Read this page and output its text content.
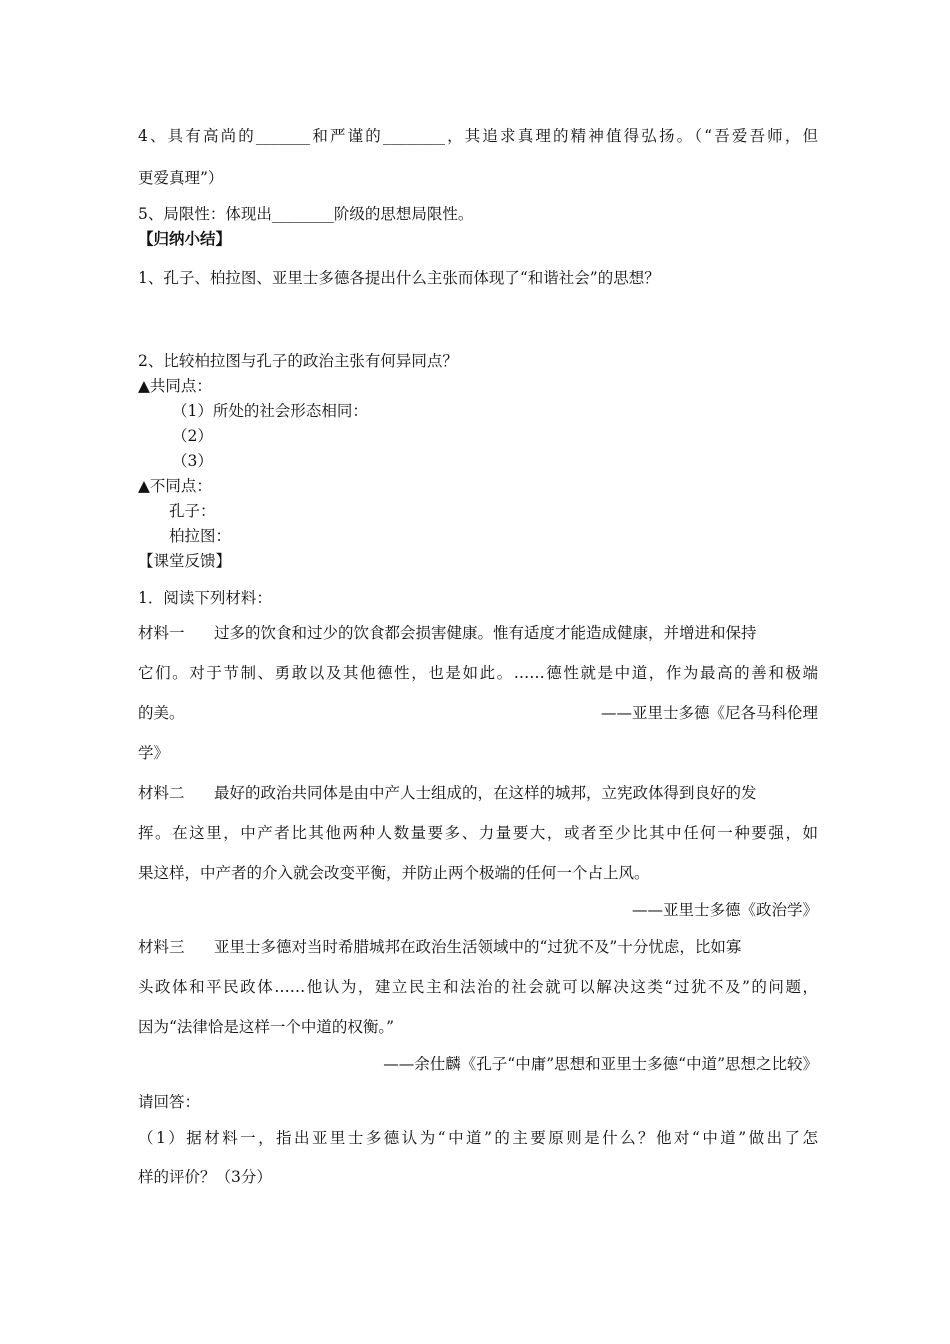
4、具有高尚的_______和严谨的________，其追求真理的精神值得弘扬。（“吾爱吾师，但
更爱真理”）
5、局限性：体现出________阶级的思想局限性。
【归纳小结】
1、孔子、柏拉图、亚里士多德各提出什么主张而体现了“和谐社会”的思想？
2、比较柏拉图与孔子的政治主张有何异同点？
▲共同点：
（1）所处的社会形态相同：
（2）
（3）
▲不同点：
孔子：
柏拉图：
【课堂反馈】
1．阅读下列材料：
材料一 过多的饮食和过少的饮食都会损害健康。惟有适度才能造成健康，并增进和保持
它们。对于节制、勇敢以及其他德性，也是如此。……德性就是中道，作为最高的善和极端
的美。	——亚里士多德《尼各马科伦理
学》
材料二 最好的政治共同体是由中产人士组成的，在这样的城邦，立宪政体得到良好的发
挥。在这里，中产者比其他两种人数量要多、力量要大，或者至少比其中任何一种要强，如
果这样，中产者的介入就会改变平衡，并防止两个极端的任何一个占上风。
——亚里士多德《政治学》
材料三 亚里士多德对当时希腊城邦在政治生活领域中的“过犹不及”十分忧虑，比如寡
头政体和平民政体……他认为，建立民主和法治的社会就可以解决这类“过犹不及”的问题，
因为“法律恰是这样一个中道的权衡。”
——余仕麟《孔子“中庸”思想和亚里士多德“中道”思想之比较》
请回答：
（1）据材料一，指出亚里士多德认为“中道”的主要原则是什么？他对“中道”做出了怎
样的评价？（3分）
